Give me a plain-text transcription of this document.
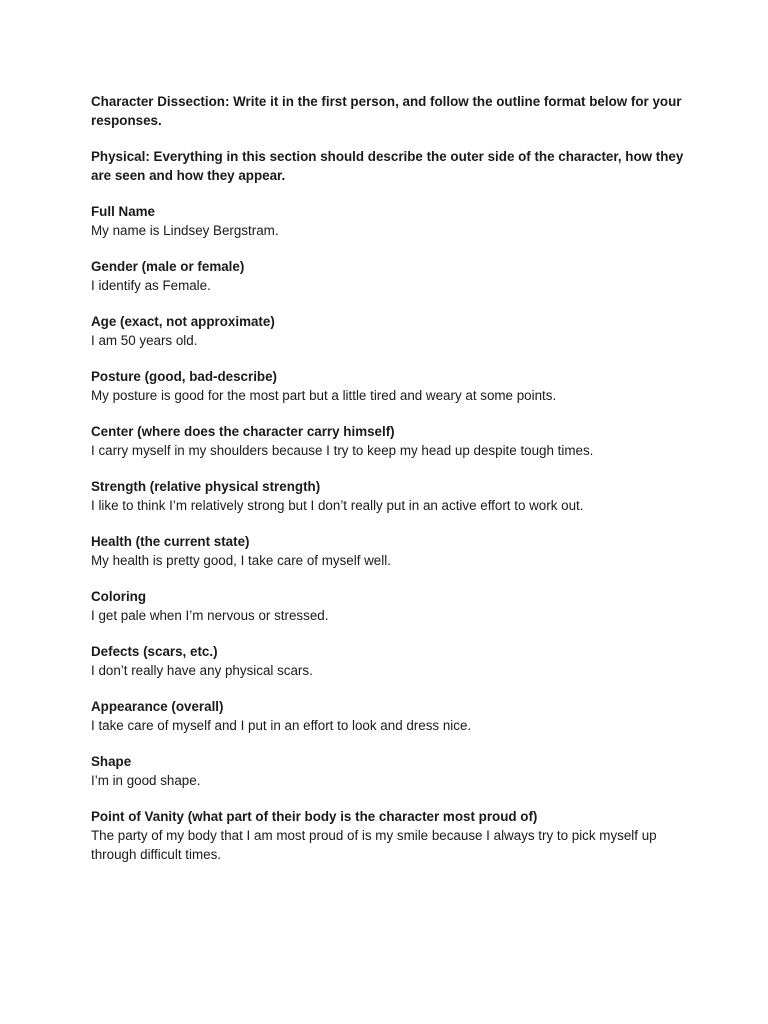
Character Dissection: Write it in the first person, and follow the outline format below for your responses.

Physical: Everything in this section should describe the outer side of the character, how they are seen and how they appear.

Full Name
My name is Lindsey Bergstram.
Gender (male or female)
I identify as Female.
Age (exact, not approximate)
I am 50 years old.
Posture (good, bad-describe)
My posture is good for the most part but a little tired and weary at some points.
Center (where does the character carry himself)
I carry myself in my shoulders because I try to keep my head up despite tough times.
Strength (relative physical strength)
I like to think I’m relatively strong but I don’t really put in an active effort to work out.
Health (the current state)
My health is pretty good, I take care of myself well.
Coloring
I get pale when I’m nervous or stressed.
Defects (scars, etc.)
I don’t really have any physical scars.
Appearance (overall)
I take care of myself and I put in an effort to look and dress nice.
Shape
I’m in good shape.
Point of Vanity (what part of their body is the character most proud of)
The party of my body that I am most proud of is my smile because I always try to pick myself up through difficult times.
